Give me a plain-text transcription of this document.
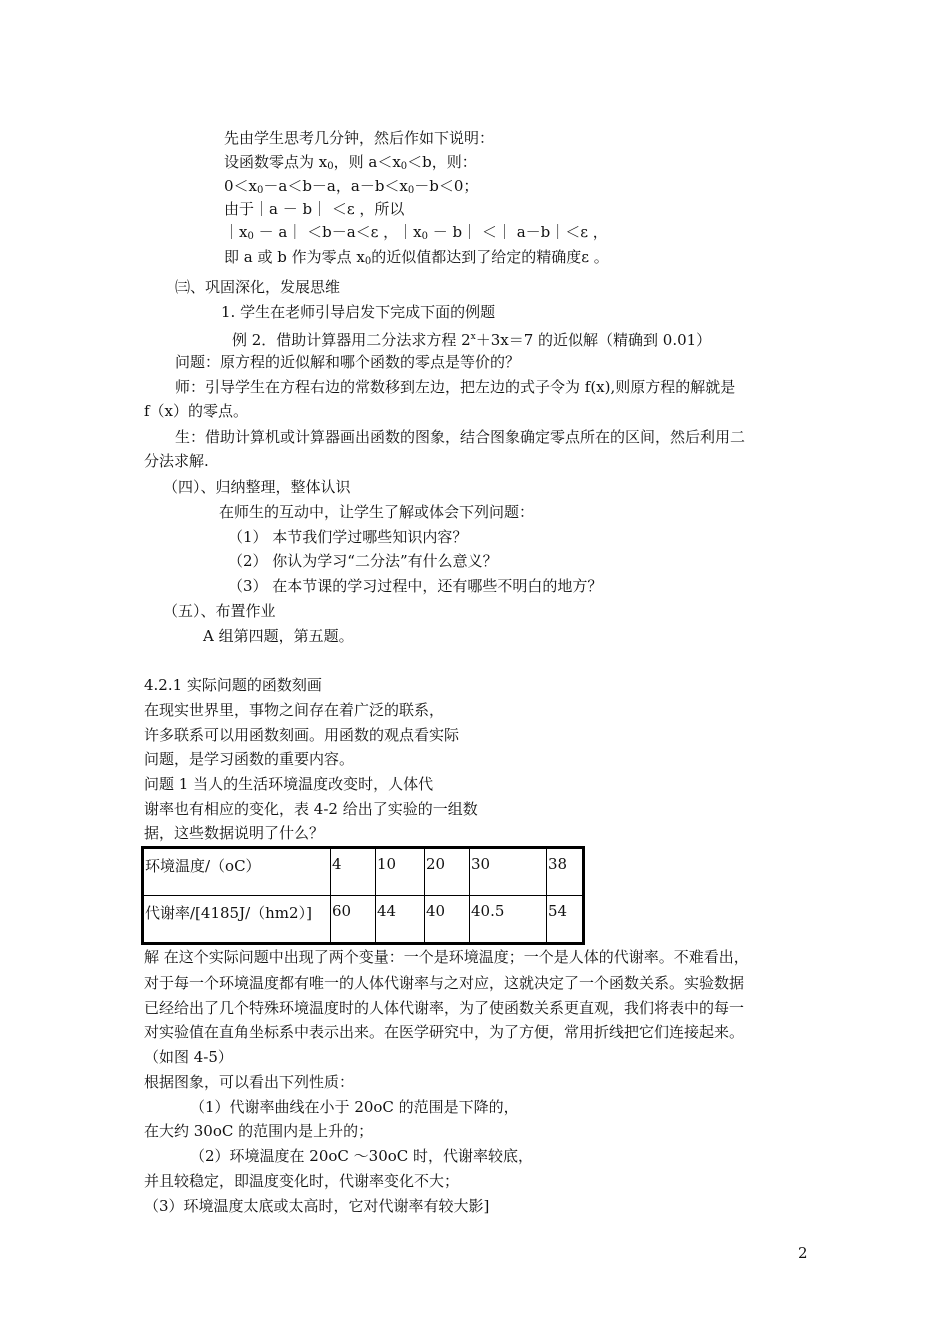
先由学生思考几分钟，然后作如下说明：
设函数零点为 $x_0$，则 $a<x_0<b$，则：
$0<x_0-a<b-a$，$a-b<x_0-b<0$；
由于｜a － b｜ ＜ε ，所以
$|x_0$ － a｜ ＜b－a＜ε ，$|x_0$ － b｜ ＜｜ a－b｜＜ε ，
即 a 或 b 作为零点 $x_0$的近似值都达到了给定的精确度ε 。
㈢、巩固深化，发展思维
1. 学生在老师引导启发下完成下面的例题
例 2．借助计算器用二分法求方程 $2^x+3x=7$ 的近似解（精确到 0.01）
问题：原方程的近似解和哪个函数的零点是等价的？
师：引导学生在方程右边的常数移到左边，把左边的式子令为 f(x),则原方程的解就是
f（x）的零点。
生：借助计算机或计算器画出函数的图象，结合图象确定零点所在的区间，然后利用二
分法求解.
（四）、归纳整理，整体认识
在师生的互动中，让学生了解或体会下列问题：
（1） 本节我们学过哪些知识内容？
（2） 你认为学习“二分法”有什么意义？
（3） 在本节课的学习过程中，还有哪些不明白的地方？
（五）、布置作业
A 组第四题，第五题。
4.2.1 实际问题的函数刻画
在现实世界里，事物之间存在着广泛的联系，
许多联系可以用函数刻画。用函数的观点看实际
问题，是学习函数的重要内容。
问题 1 当人的生活环境温度改变时，人体代
谢率也有相应的变化，表 4-2 给出了实验的一组数
据，这些数据说明了什么？
环境温度/（oC）	4	10	20	30	38
代谢率/[4185J/（hm2）]	60	44	40	40.5	54
解 在这个实际问题中出现了两个变量：一个是环境温度；一个是人体的代谢率。不难看出，
对于每一个环境温度都有唯一的人体代谢率与之对应，这就决定了一个函数关系。实验数据
已经给出了几个特殊环境温度时的人体代谢率，为了使函数关系更直观，我们将表中的每一
对实验值在直角坐标系中表示出来。在医学研究中，为了方便，常用折线把它们连接起来。
（如图 4-5）
根据图象，可以看出下列性质：
（1）代谢率曲线在小于 20oC 的范围是下降的，
在大约 30oC 的范围内是上升的；
（2）环境温度在 20oC ～30oC 时，代谢率较底，
并且较稳定，即温度变化时，代谢率变化不大；
（3）环境温度太底或太高时，它对代谢率有较大影]
2
